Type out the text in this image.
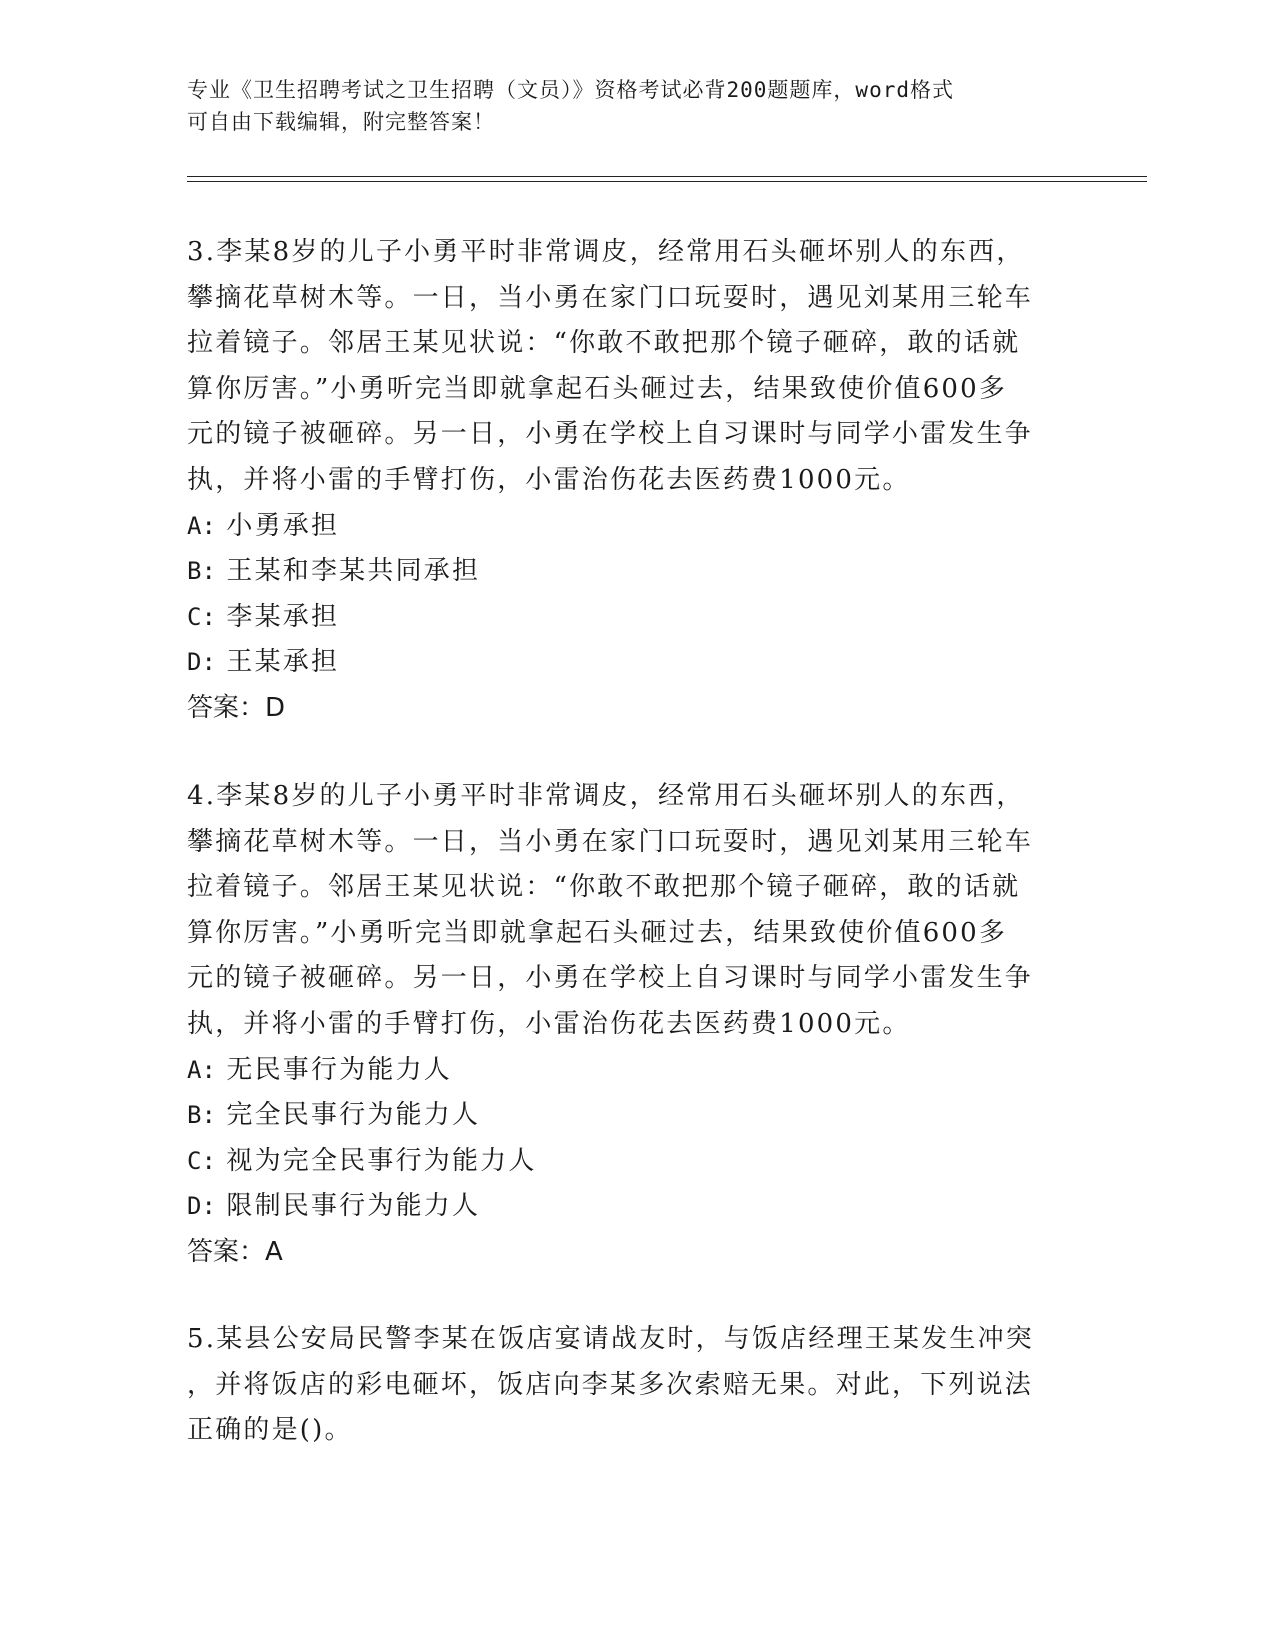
专业《卫生招聘考试之卫生招聘（文员）》资格考试必背200题题库，word格式
可自由下载编辑，附完整答案！
3.李某8岁的儿子小勇平时非常调皮，经常用石头砸坏别人的东西，
攀摘花草树木等。一日，当小勇在家门口玩耍时，遇见刘某用三轮车
拉着镜子。邻居王某见状说：“你敢不敢把那个镜子砸碎，敢的话就
算你厉害。”小勇听完当即就拿起石头砸过去，结果致使价值600多
元的镜子被砸碎。另一日，小勇在学校上自习课时与同学小雷发生争
执，并将小雷的手臂打伤，小雷治伤花去医药费1000元。
A: 小勇承担
B: 王某和李某共同承担
C: 李某承担
D: 王某承担
答案：D
4.李某8岁的儿子小勇平时非常调皮，经常用石头砸坏别人的东西，
攀摘花草树木等。一日，当小勇在家门口玩耍时，遇见刘某用三轮车
拉着镜子。邻居王某见状说：“你敢不敢把那个镜子砸碎，敢的话就
算你厉害。”小勇听完当即就拿起石头砸过去，结果致使价值600多
元的镜子被砸碎。另一日，小勇在学校上自习课时与同学小雷发生争
执，并将小雷的手臂打伤，小雷治伤花去医药费1000元。
A: 无民事行为能力人
B: 完全民事行为能力人
C: 视为完全民事行为能力人
D: 限制民事行为能力人
答案：A
5.某县公安局民警李某在饭店宴请战友时，与饭店经理王某发生冲突
，并将饭店的彩电砸坏，饭店向李某多次索赔无果。对此，下列说法
正确的是()。
